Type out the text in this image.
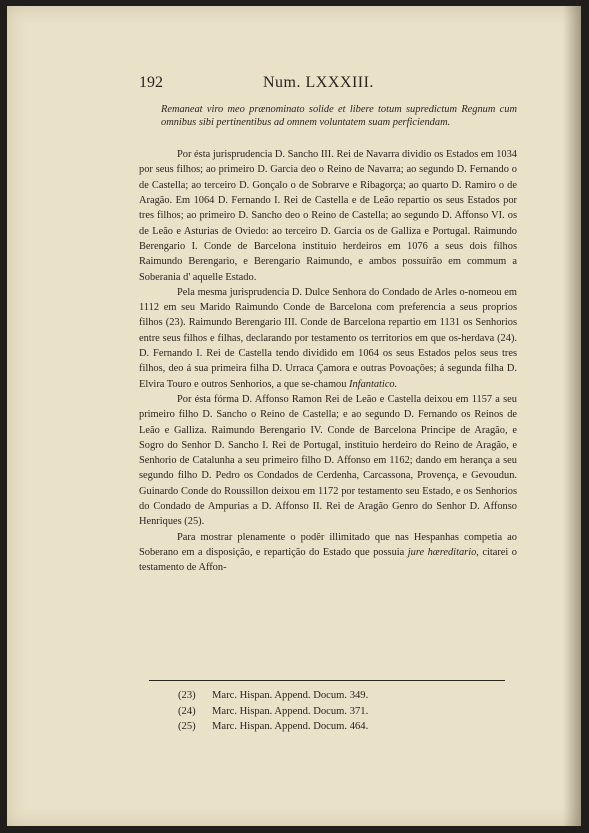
192	Num. LXXXIII.

Remaneat viro meo prænominato solide et libere totum supredictum Regnum cum omnibus sibi pertinentibus ad omnem voluntatem suam perficiendam.

Por ésta jurisprudencia D. Sancho III. Rei de Navarra dividio os Estados em 1034 por seus filhos; ao primeiro D. Garcia deo o Reino de Navarra; ao segundo D. Fernando o de Castella; ao terceiro D. Gonçalo o de Sobrarve e Ribagorça; ao quarto D. Ramiro o de Aragão. Em 1064 D. Fernando I. Rei de Castella e de Leão repartio os seus Estados por tres filhos; ao primeiro D. Sancho deo o Reino de Castella; ao segundo D. Affonso VI. os de Leão e Asturias de Oviedo: ao terceiro D. Garcia os de Galliza e Portugal. Raimundo Berengario I. Conde de Barcelona instituio herdeiros em 1076 a seus dois filhos Raimundo Berengario, e Berengario Raimundo, e ambos possuírão em commum a Soberania d' aquelle Estado.

Pela mesma jurisprudencia D. Dulce Senhora do Condado de Arles o-nomeou em 1112 em seu Marido Raimundo Conde de Barcelona com preferencia a seus proprios filhos (23). Raimundo Berengario III. Conde de Barcelona repartio em 1131 os Senhorios entre seus filhos e filhas, declarando por testamento os territorios em que os-herdava (24). D. Fernando I. Rei de Castella tendo dividido em 1064 os seus Estados pelos seus tres filhos, deo á sua primeira filha D. Urraca Çamora e outras Povoações; á segunda filha D. Elvira Touro e outros Senhorios, a que se-chamou Infantatico.

Por ésta fórma D. Affonso Ramon Rei de Leão e Castella deixou em 1157 a seu primeiro filho D. Sancho o Reino de Castella; e ao segundo D. Fernando os Reinos de Leão e Galliza. Raimundo Berengario IV. Conde de Barcelona Principe de Aragão, e Sogro do Senhor D. Sancho I. Rei de Portugal, instituio herdeiro do Reino de Aragão, e Senhorio de Catalunha a seu primeiro filho D. Affonso em 1162; dando em herança a seu segundo filho D. Pedro os Condados de Cerdenha, Carcassona, Provença, e Gevoudun. Guinardo Conde do Roussillon deixou em 1172 por testamento seu Estado, e os Senhorios do Condado de Ampurias a D. Affonso II. Rei de Aragão Genro do Senhor D. Affonso Henriques (25).

Para mostrar plenamente o podêr illimitado que nas Hespanhas competia ao Soberano em a disposição, e repartição do Estado que possuia jure hæreditario, citarei o testamento de Affon-

(23) Marc. Hispan. Append. Docum. 349.
(24) Marc. Hispan. Append. Docum. 371.
(25) Marc. Hispan. Append. Docum. 464.
